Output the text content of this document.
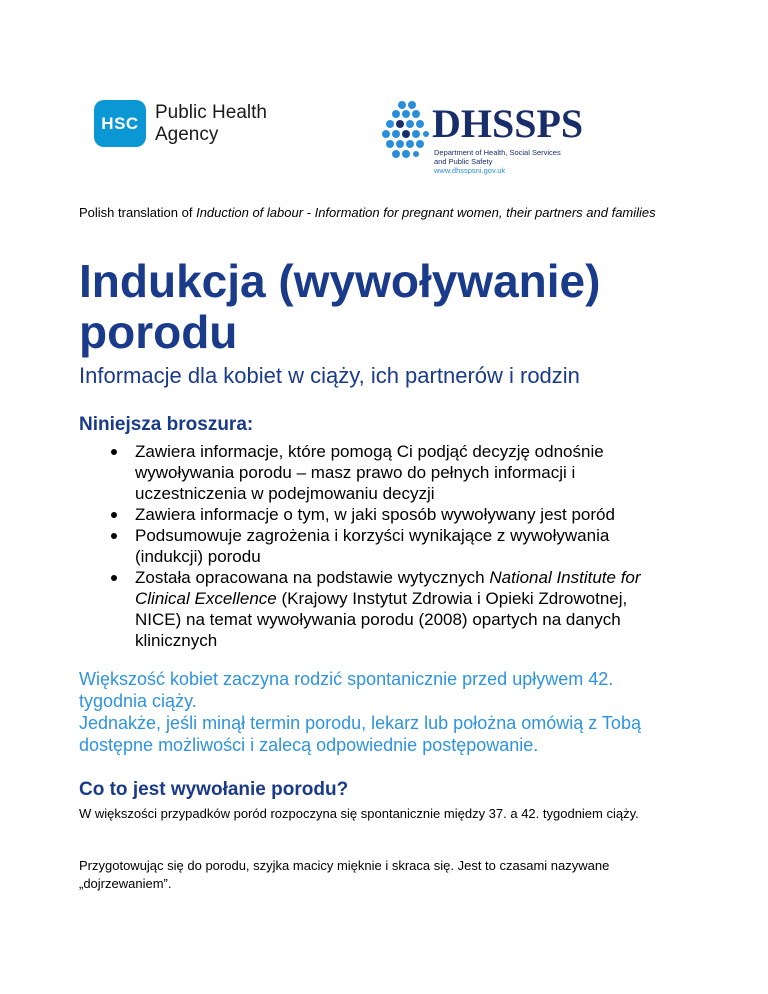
HSC
Public Health
Agency	DHSSPS
Department of Health, Social Services
and Public Safety
www.dhsspsni.gov.uk
Polish translation of Induction of labour - Information for pregnant women, their partners and families
Indukcja (wywoływanie) porodu
Informacje dla kobiet w ciąży, ich partnerów i rodzin
Niniejsza broszura:
Zawiera informacje, które pomogą Ci podjąć decyzję odnośnie wywoływania porodu – masz prawo do pełnych informacji i uczestniczenia w podejmowaniu decyzji
Zawiera informacje o tym, w jaki sposób wywoływany jest poród
Podsumowuje zagrożenia i korzyści wynikające z wywoływania (indukcji) porodu
Została opracowana na podstawie wytycznych National Institute for Clinical Excellence (Krajowy Instytut Zdrowia i Opieki Zdrowotnej, NICE) na temat wywoływania porodu (2008) opartych na danych klinicznych
Większość kobiet zaczyna rodzić spontanicznie przed upływem 42. tygodnia ciąży.
Jednakże, jeśli minął termin porodu, lekarz lub położna omówią z Tobą dostępne możliwości i zalecą odpowiednie postępowanie.
Co to jest wywołanie porodu?
W większości przypadków poród rozpoczyna się spontanicznie między 37. a 42. tygodniem ciąży.
Przygotowując się do porodu, szyjka macicy mięknie i skraca się. Jest to czasami nazywane „dojrzewaniem”.
